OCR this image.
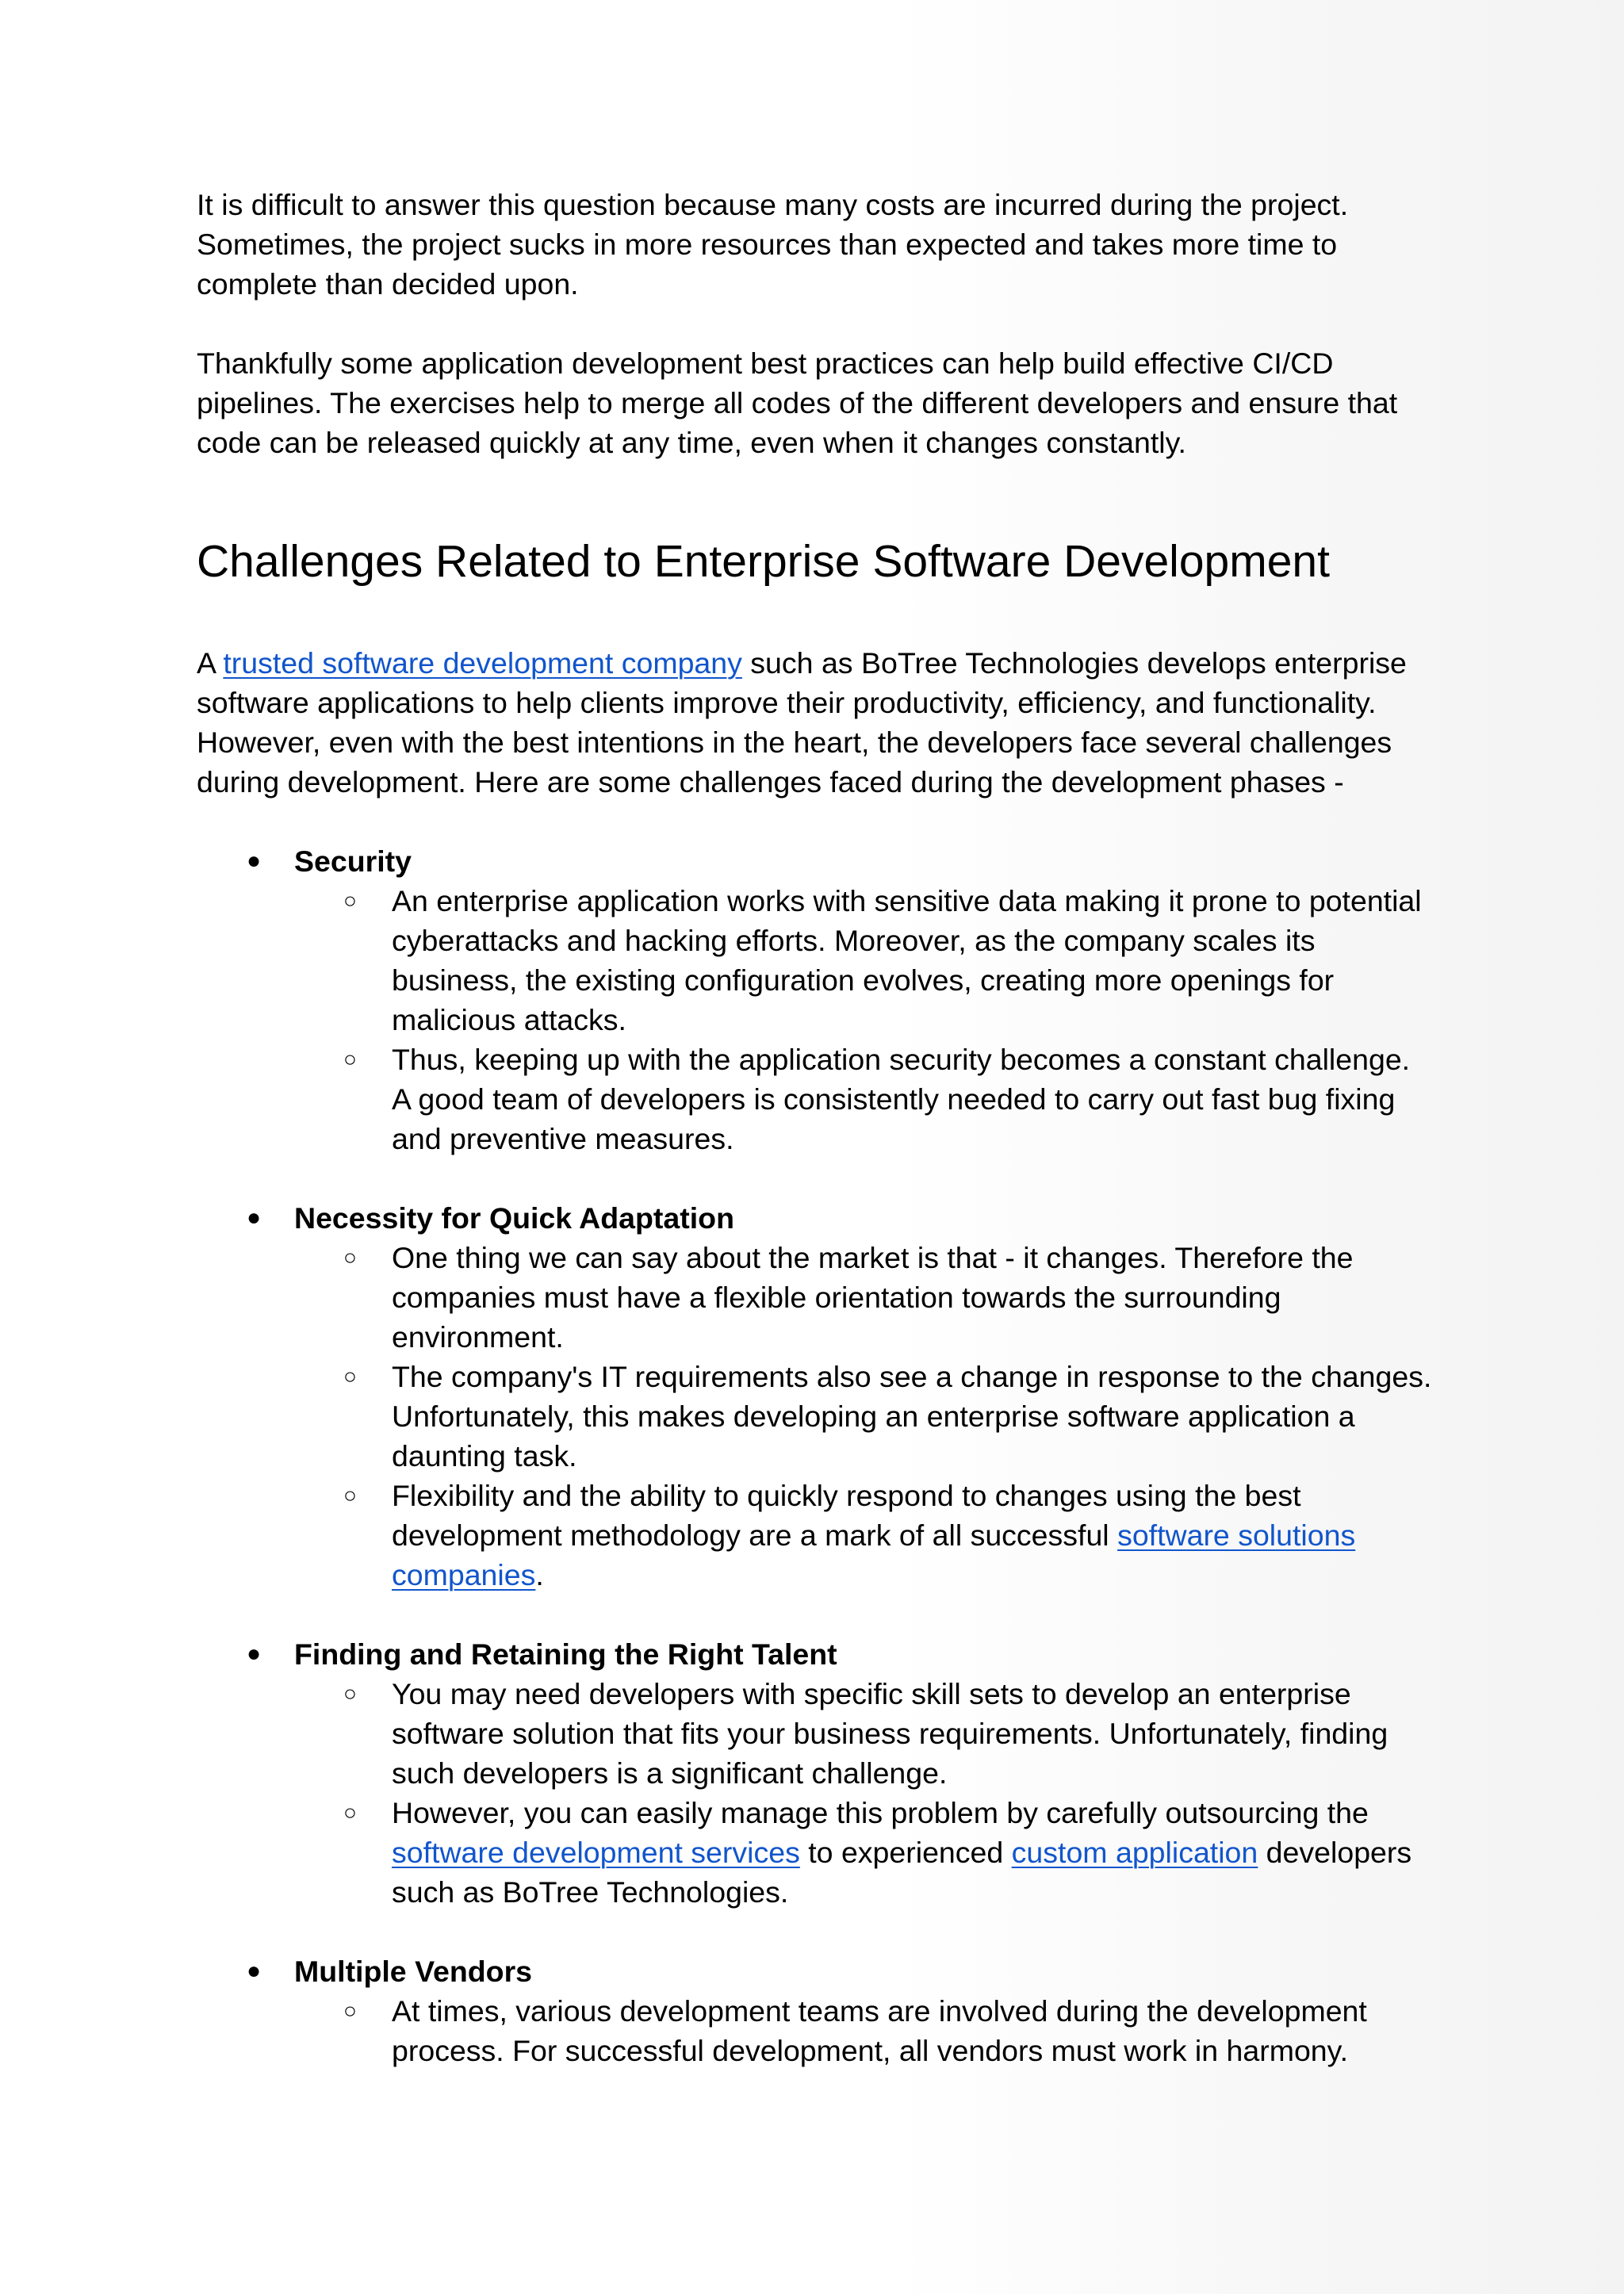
It is difficult to answer this question because many costs are incurred during the project. Sometimes, the project sucks in more resources than expected and takes more time to complete than decided upon.

Thankfully some application development best practices can help build effective CI/CD pipelines. The exercises help to merge all codes of the different developers and ensure that code can be released quickly at any time, even when it changes constantly.

Challenges Related to Enterprise Software Development

A trusted software development company such as BoTree Technologies develops enterprise software applications to help clients improve their productivity, efficiency, and functionality. However, even with the best intentions in the heart, the developers face several challenges during development. Here are some challenges faced during the development phases -

● Security
○ An enterprise application works with sensitive data making it prone to potential cyberattacks and hacking efforts. Moreover, as the company scales its business, the existing configuration evolves, creating more openings for malicious attacks.
○ Thus, keeping up with the application security becomes a constant challenge. A good team of developers is consistently needed to carry out fast bug fixing and preventive measures.
● Necessity for Quick Adaptation
○ One thing we can say about the market is that - it changes. Therefore the companies must have a flexible orientation towards the surrounding environment.
○ The company's IT requirements also see a change in response to the changes. Unfortunately, this makes developing an enterprise software application a daunting task.
○ Flexibility and the ability to quickly respond to changes using the best development methodology are a mark of all successful software solutions companies.
● Finding and Retaining the Right Talent
○ You may need developers with specific skill sets to develop an enterprise software solution that fits your business requirements. Unfortunately, finding such developers is a significant challenge.
○ However, you can easily manage this problem by carefully outsourcing the software development services to experienced custom application developers such as BoTree Technologies.
● Multiple Vendors
○ At times, various development teams are involved during the development process. For successful development, all vendors must work in harmony.
